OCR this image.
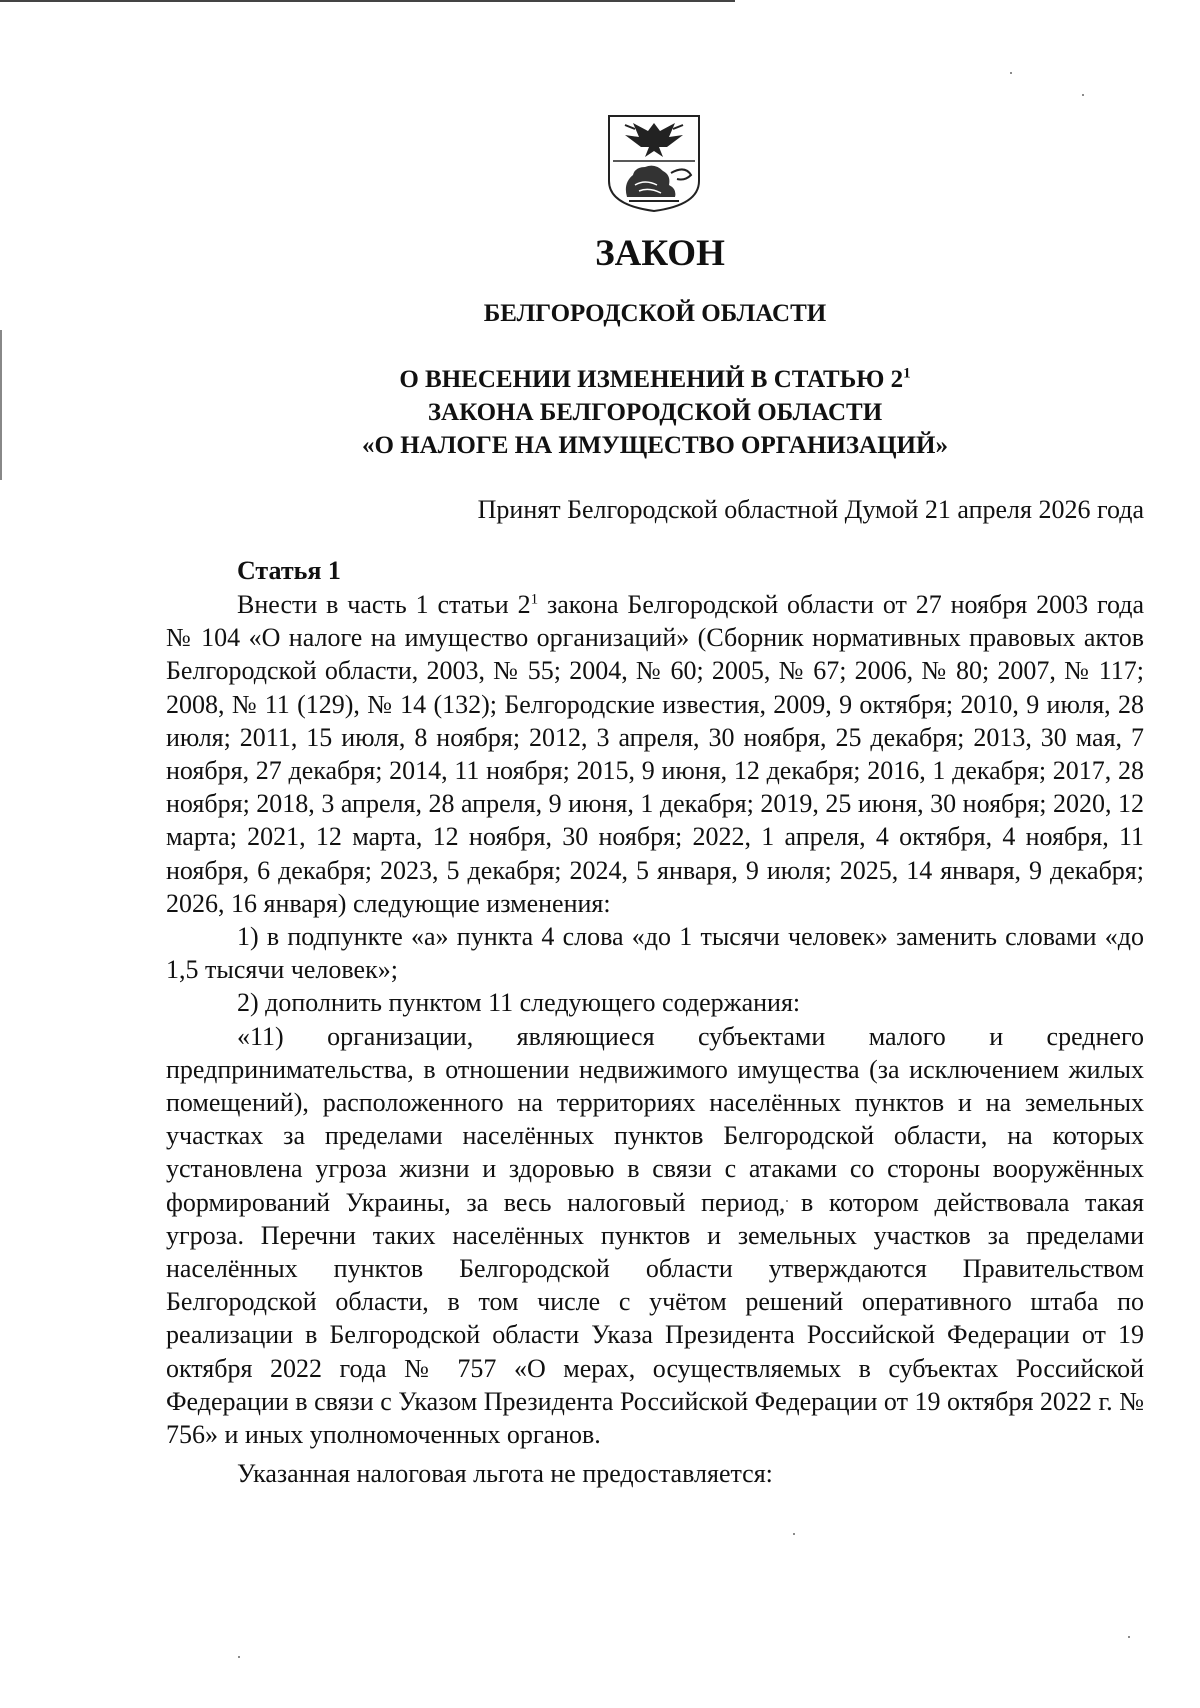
ЗАКОН
БЕЛГОРОДСКОЙ ОБЛАСТИ
О ВНЕСЕНИИ ИЗМЕНЕНИЙ В СТАТЬЮ $2^1$
ЗАКОНА БЕЛГОРОДСКОЙ ОБЛАСТИ
«О НАЛОГЕ НА ИМУЩЕСТВО ОРГАНИЗАЦИЙ»
Принят Белгородской областной Думой 21 апреля 2026 года
Статья 1

Внести в часть 1 статьи $2^1$ закона Белгородской области от 27 ноября 2003 года № 104 «О налоге на имущество организаций» (Сборник нормативных правовых актов Белгородской области, 2003, № 55; 2004, № 60; 2005, № 67; 2006, № 80; 2007, № 117; 2008, № 11 (129), № 14 (132); Белгородские известия, 2009, 9 октября; 2010, 9 июля, 28 июля; 2011, 15 июля, 8 ноября; 2012, 3 апреля, 30 ноября, 25 декабря; 2013, 30 мая, 7 ноября, 27 декабря; 2014, 11 ноября; 2015, 9 июня, 12 декабря; 2016, 1 декабря; 2017, 28 ноября; 2018, 3 апреля, 28 апреля, 9 июня, 1 декабря; 2019, 25 июня, 30 ноября; 2020, 12 марта; 2021, 12 марта, 12 ноября, 30 ноября; 2022, 1 апреля, 4 октября, 4 ноября, 11 ноября, 6 декабря; 2023, 5 декабря; 2024, 5 января, 9 июля; 2025, 14 января, 9 декабря; 2026, 16 января) следующие изменения:

1) в подпункте «а» пункта 4 слова «до 1 тысячи человек» заменить словами «до 1,5 тысячи человек»;

2) дополнить пунктом 11 следующего содержания:

«11) организации, являющиеся субъектами малого и среднего предпринимательства, в отношении недвижимого имущества (за исключением жилых помещений), расположенного на территориях населённых пунктов и на земельных участках за пределами населённых пунктов Белгородской области, на которых установлена угроза жизни и здоровью в связи с атаками со стороны вооружённых формирований Украины, за весь налоговый период, в котором действовала такая угроза. Перечни таких населённых пунктов и земельных участков за пределами населённых пунктов Белгородской области утверждаются Правительством Белгородской области, в том числе с учётом решений оперативного штаба по реализации в Белгородской области Указа Президента Российской Федерации от 19 октября 2022 года № 757 «О мерах, осуществляемых в субъектах Российской Федерации в связи с Указом Президента Российской Федерации от 19 октября 2022 г. № 756» и иных уполномоченных органов.

Указанная налоговая льгота не предоставляется:
